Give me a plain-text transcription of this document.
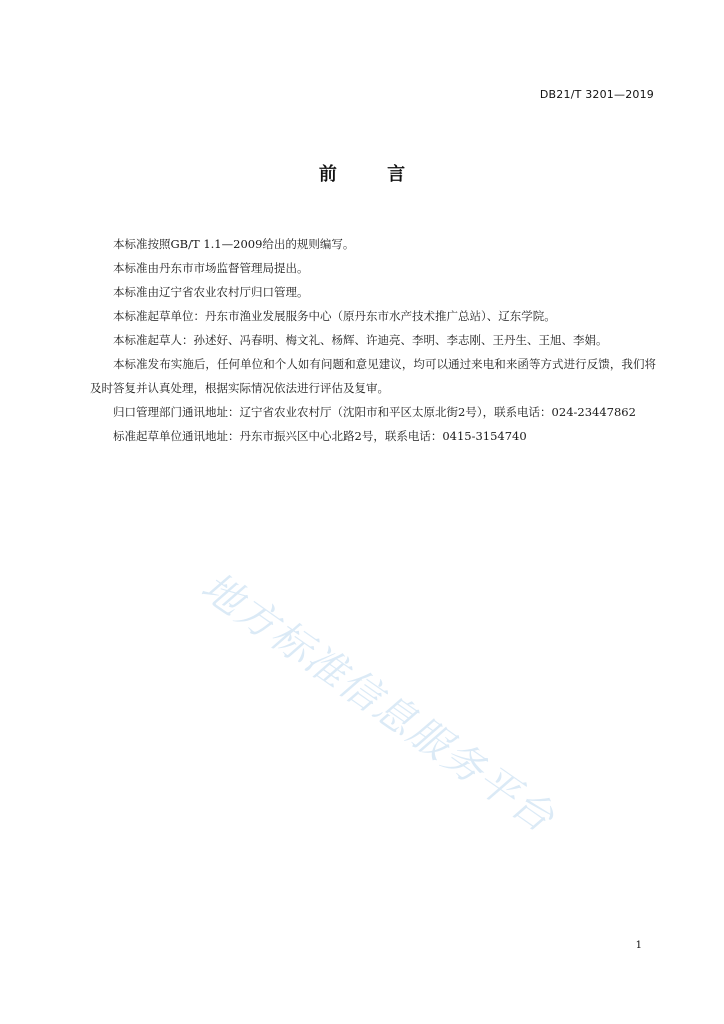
DB21/T 3201—2019
前 言

本标准按照GB/T 1.1—2009给出的规则编写。

本标准由丹东市市场监督管理局提出。

本标准由辽宁省农业农村厅归口管理。

本标准起草单位：丹东市渔业发展服务中心（原丹东市水产技术推广总站）、辽东学院。

本标准起草人：孙述好、冯春明、梅文礼、杨辉、许迪亮、李明、李志刚、王丹生、王旭、李娟。

本标准发布实施后，任何单位和个人如有问题和意见建议，均可以通过来电和来函等方式进行反馈，我们将及时答复并认真处理，根据实际情况依法进行评估及复审。

归口管理部门通讯地址：辽宁省农业农村厅（沈阳市和平区太原北街2号），联系电话：024-23447862

标准起草单位通讯地址：丹东市振兴区中心北路2号，联系电话：0415-3154740

地方标准信息服务平台
1
